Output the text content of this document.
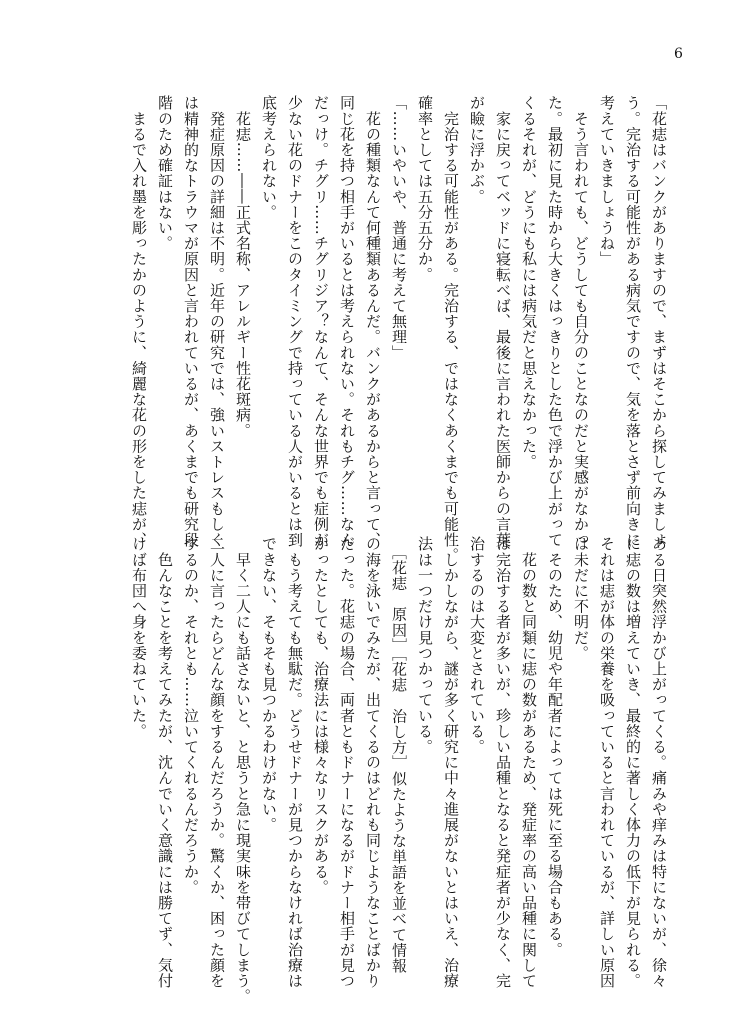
6
「花痣はバンクがありますので、まずはそこから探してみましょ
う。完治する可能性がある病気ですので、気を落とさず前向きに
考えていきましょうね」
　そう言われても、どうしても自分のことなのだと実感がなかっ
た。最初に見た時から大きくはっきりとした色で浮かび上がって
くるそれが、どうにも私には病気だと思えなかった。
　家に戻ってベッドに寝転べば、最後に言われた医師からの言葉
が瞼に浮かぶ。
　完治する可能性がある。完治する、ではなくあくまでも可能性。
確率としては五分五分か。
「……いやいや、普通に考えて無理」
　花の種類なんて何種類あるんだ。バンクがあるからと言って、
同じ花を持つ相手がいるとは考えられない。それもチグ……なん
だっけ。チグリ……チグリジア？なんて、そんな世界でも症例が
少ない花のドナーをこのタイミングで持っている人がいるとは到
底考えられない。
　花痣……――正式名称、アレルギー性花斑病。
　発症原因の詳細は不明。近年の研究では、強いストレスもしく
は精神的なトラウマが原因と言われているが、あくまでも研究段
階のため確証はない。
　まるで入れ墨を彫ったかのように、綺麗な花の形をした痣が、
ある日突然浮かび上がってくる。痛みや痒みは特にないが、徐々
に痣の数は増えていき、最終的に著しく体力の低下が見られる。
それは痣が体の栄養を吸っていると言われているが、詳しい原因
は未だに不明だ。
　そのため、幼児や年配者によっては死に至る場合もある。
　花の数と同類に痣の数があるため、発症率の高い品種に関して
は完治する者が多いが、珍しい品種となると発症者が少なく、完
治するのは大変とされている。
　しかしながら、謎が多く研究に中々進展がないとはいえ、治療
法は一つだけ見つかっている。
　［花痣　原因］［花痣　治し方］似たような単語を並べて情報
の海を泳いでみたが、出てくるのはどれも同じようなことばかり
だった。花痣の場合、両者ともドナーになるがドナー相手が見つ
かったとしても、治療法には様々なリスクがある。
　もう考えても無駄だ。どうせドナーが見つからなければ治療は
できない、そもそも見つかるわけがない。
　早く二人にも話さないと、と思うと急に現実味を帯びてしまう。
二人に言ったらどんな顔をするんだろうか。驚くか、困った顔を
するのか、それとも……泣いてくれるんだろうか。
　色んなことを考えてみたが、沈んでいく意識には勝てず、気付
けば布団へ身を委ねていた。
